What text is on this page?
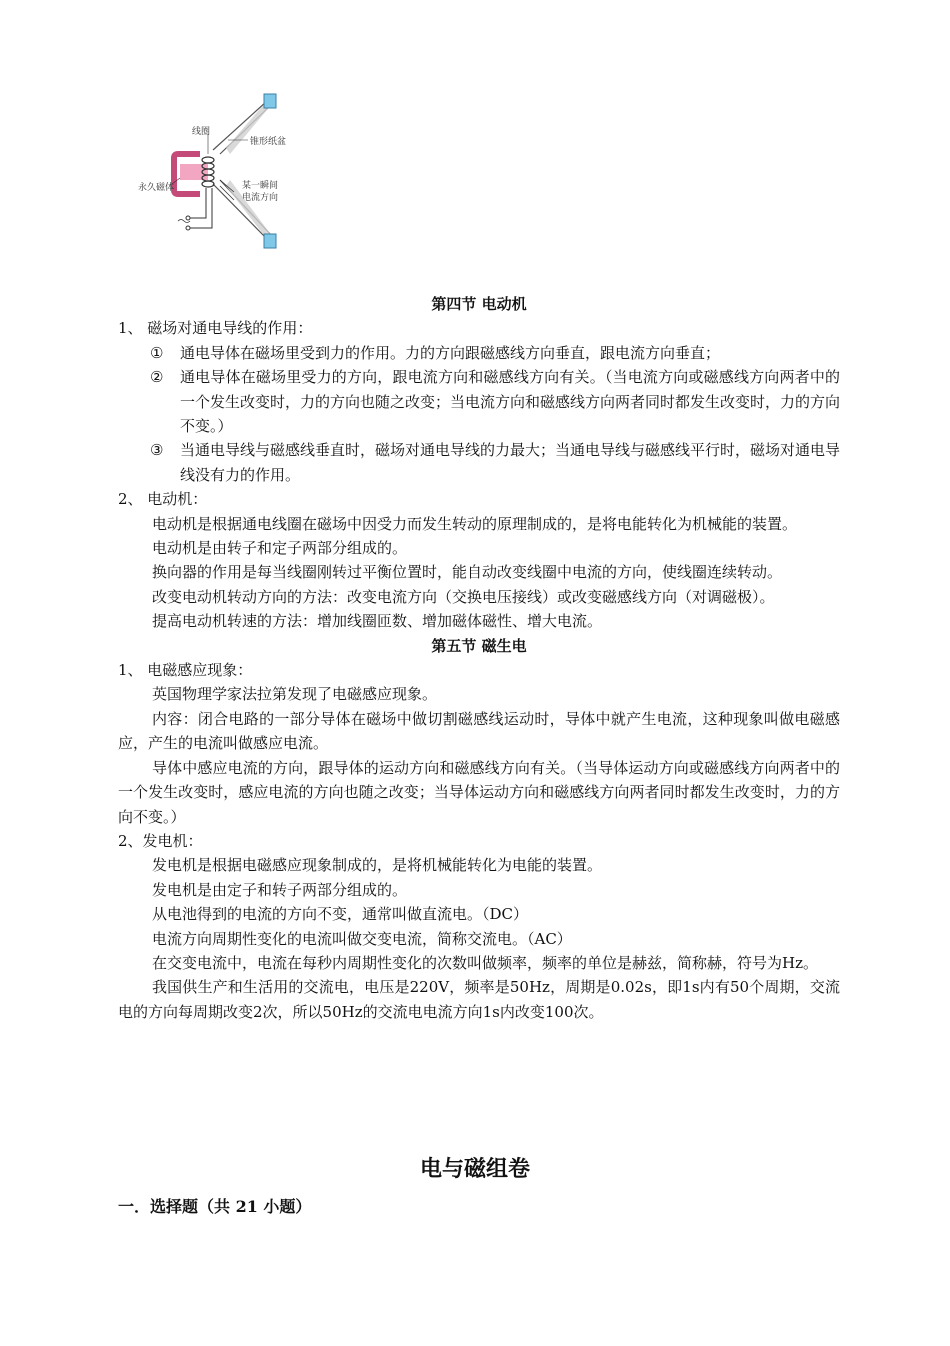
线圈
锥形纸盆
永久磁体	某一瞬间
电流方向

第四节 电动机

1、 磁场对通电导线的作用：

① 通电导体在磁场里受到力的作用。力的方向跟磁感线方向垂直，跟电流方向垂直；

② 通电导体在磁场里受力的方向，跟电流方向和磁感线方向有关。（当电流方向或磁感线方向两者中的一个发生改变时，力的方向也随之改变；当电流方向和磁感线方向两者同时都发生改变时，力的方向不变。）

③ 当通电导线与磁感线垂直时，磁场对通电导线的力最大；当通电导线与磁感线平行时，磁场对通电导线没有力的作用。

2、 电动机：

电动机是根据通电线圈在磁场中因受力而发生转动的原理制成的，是将电能转化为机械能的装置。

电动机是由转子和定子两部分组成的。

换向器的作用是每当线圈刚转过平衡位置时，能自动改变线圈中电流的方向，使线圈连续转动。

改变电动机转动方向的方法：改变电流方向（交换电压接线）或改变磁感线方向（对调磁极）。

提高电动机转速的方法：增加线圈匝数、增加磁体磁性、增大电流。

第五节 磁生电

1、 电磁感应现象：

英国物理学家法拉第发现了电磁感应现象。

内容：闭合电路的一部分导体在磁场中做切割磁感线运动时，导体中就产生电流，这种现象叫做电磁感应，产生的电流叫做感应电流。

导体中感应电流的方向，跟导体的运动方向和磁感线方向有关。（当导体运动方向或磁感线方向两者中的一个发生改变时，感应电流的方向也随之改变；当导体运动方向和磁感线方向两者同时都发生改变时，力的方向不变。）

2、发电机：

发电机是根据电磁感应现象制成的，是将机械能转化为电能的装置。

发电机是由定子和转子两部分组成的。

从电池得到的电流的方向不变，通常叫做直流电。（DC）

电流方向周期性变化的电流叫做交变电流，简称交流电。（AC）

在交变电流中，电流在每秒内周期性变化的次数叫做频率，频率的单位是赫兹，简称赫，符号为Hz。

我国供生产和生活用的交流电，电压是220V，频率是50Hz，周期是0.02s，即1s内有50个周期，交流电的方向每周期改变2次，所以50Hz的交流电电流方向1s内改变100次。

电与磁组卷
一．选择题（共 21 小题）
